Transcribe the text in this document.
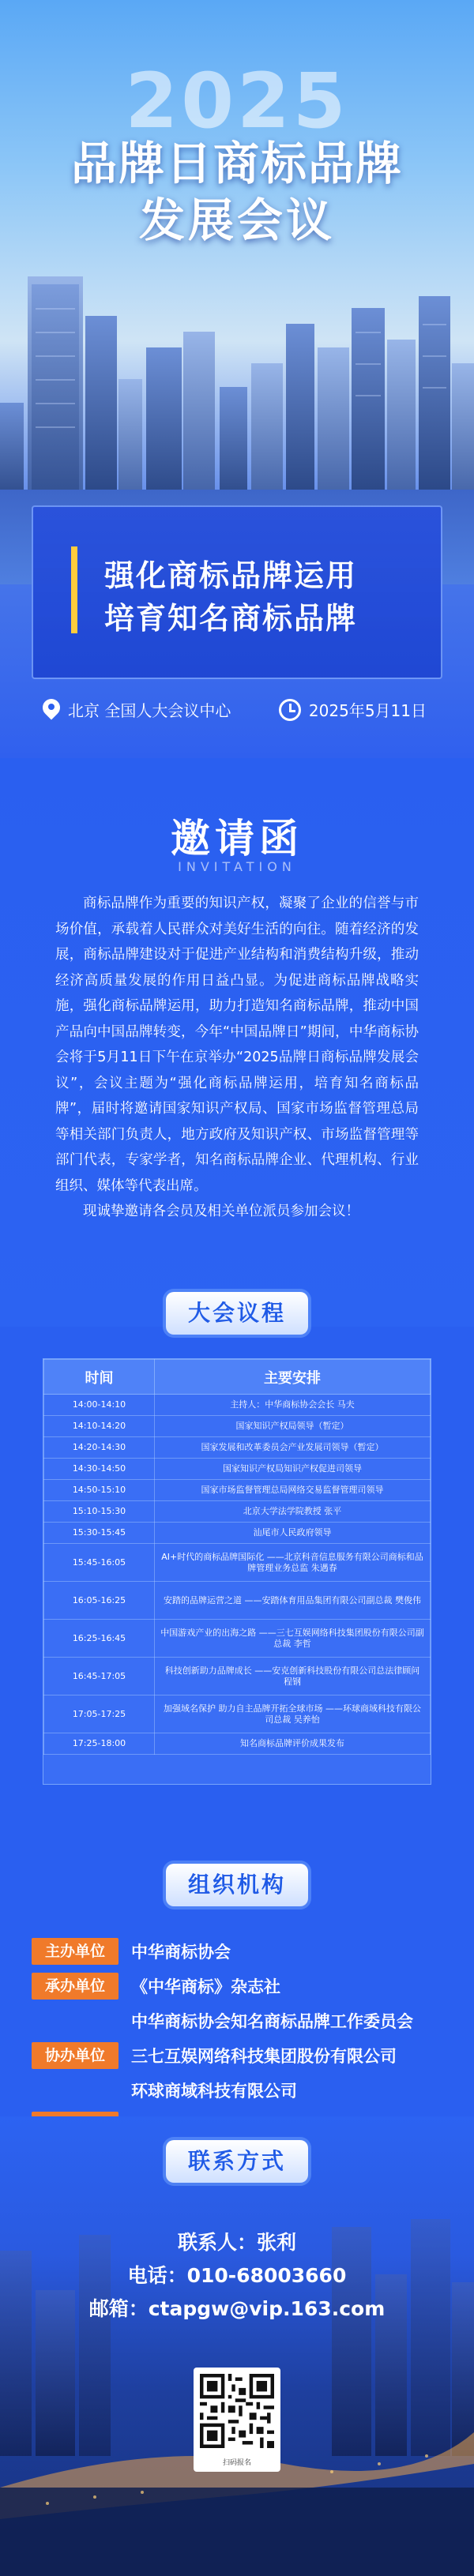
2025
品牌日商标品牌
发展会议
强化商标品牌运用
培育知名商标品牌
北京 全国人大会议中心	2025年5月11日
邀请函
INVITATION

商标品牌作为重要的知识产权，凝聚了企业的信誉与市场价值，承载着人民群众对美好生活的向往。随着经济的发展，商标品牌建设对于促进产业结构和消费结构升级，推动经济高质量发展的作用日益凸显。为促进商标品牌战略实施，强化商标品牌运用，助力打造知名商标品牌，推动中国产品向中国品牌转变，今年“中国品牌日”期间，中华商标协会将于5月11日下午在京举办“2025品牌日商标品牌发展会议”，会议主题为“强化商标品牌运用，培育知名商标品牌”，届时将邀请国家知识产权局、国家市场监督管理总局等相关部门负责人，地方政府及知识产权、市场监督管理等部门代表，专家学者，知名商标品牌企业、代理机构、行业组织、媒体等代表出席。

现诚挚邀请各会员及相关单位派员参加会议！

大会议程
时间	主要安排
14:00-14:10	主持人：中华商标协会会长 马夫
14:10-14:20	国家知识产权局领导（暂定）
14:20-14:30	国家发展和改革委员会产业发展司领导（暂定）
14:30-14:50	国家知识产权局知识产权促进司领导
14:50-15:10	国家市场监督管理总局网络交易监督管理司领导
15:10-15:30	北京大学法学院教授 张平
15:30-15:45	汕尾市人民政府领导
15:45-16:05	AI+时代的商标品牌国际化 ——北京科音信息服务有限公司商标和品牌管理业务总监 朱遇春
16:05-16:25	安踏的品牌运营之道 ——安踏体育用品集团有限公司副总裁 樊俊伟
16:25-16:45	中国游戏产业的出海之路 ——三七互娱网络科技集团股份有限公司副总裁 李哲
16:45-17:05	科技创新助力品牌成长 ——安克创新科技股份有限公司总法律顾问 程钢
17:05-17:25	加强域名保护 助力自主品牌开拓全球市场 ——环球商域科技有限公司总裁 吴养怡
17:25-18:00	知名商标品牌评价成果发布
组织机构
主办单位	中华商标协会
承办单位	《中华商标》杂志社
中华商标协会知名商标品牌工作委员会
协办单位	三七互娱网络科技集团股份有限公司
环球商域科技有限公司
联系方式
联系人：张利
电话：010-68003660
邮箱：ctapgw@vip.163.com
扫码报名
